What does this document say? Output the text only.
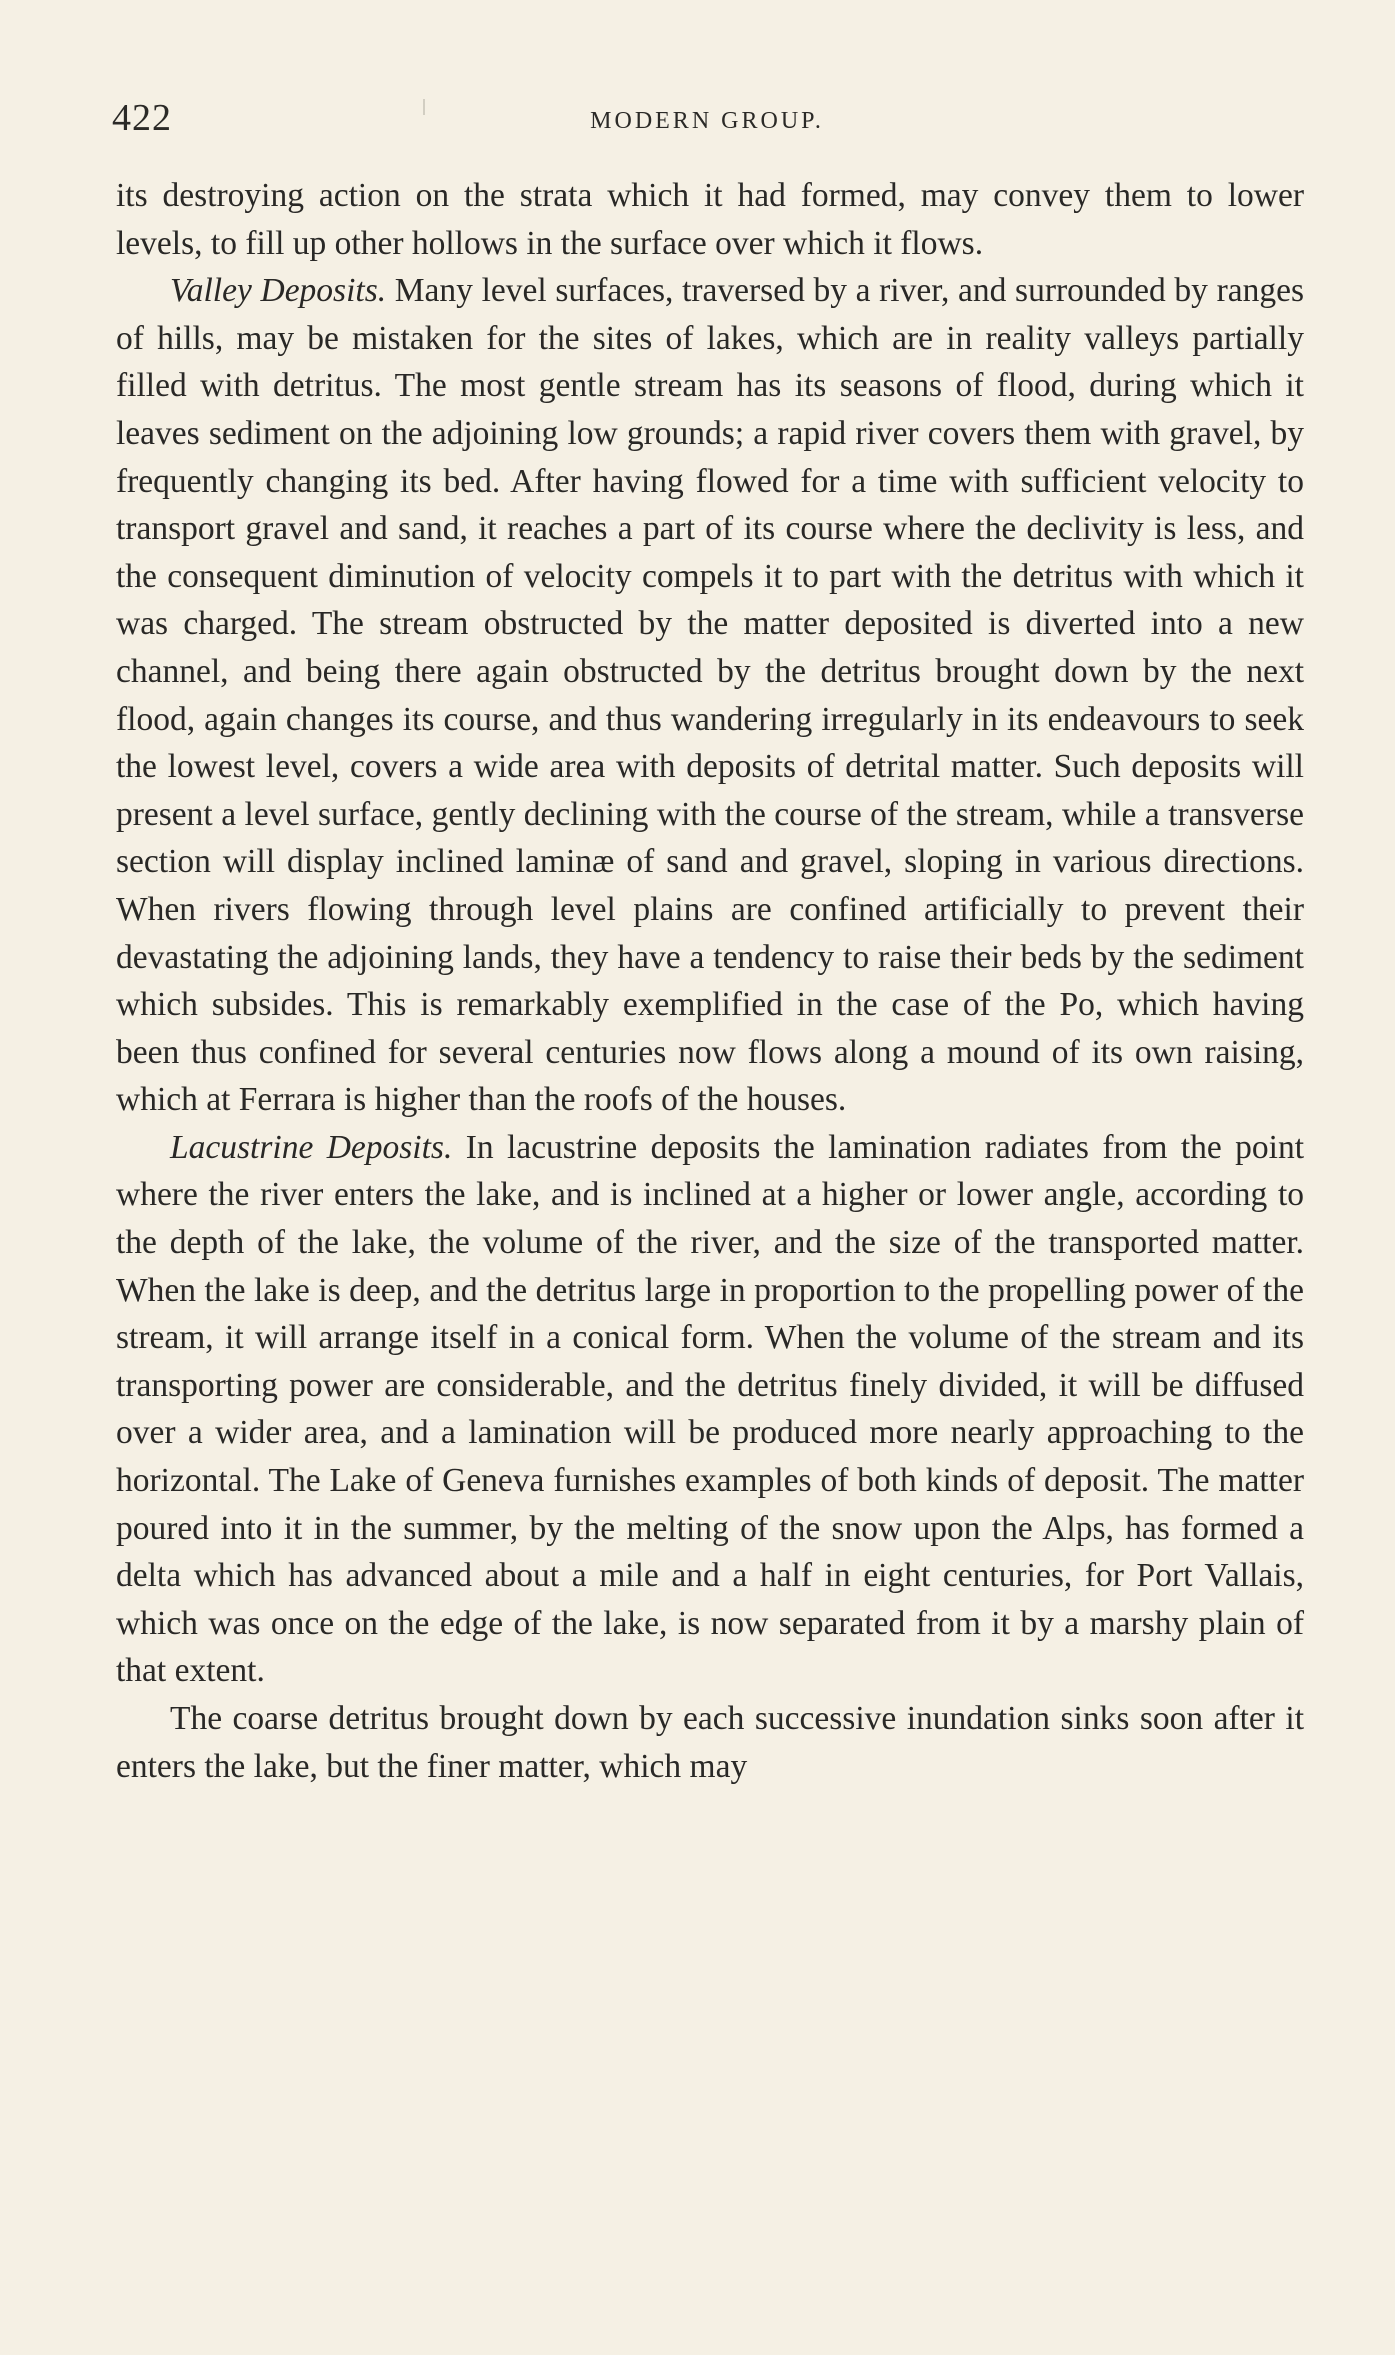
422	MODERN GROUP.

its destroying action on the strata which it had formed, may convey them to lower levels, to fill up other hollows in the surface over which it flows.

Valley Deposits. Many level surfaces, traversed by a river, and surrounded by ranges of hills, may be mistaken for the sites of lakes, which are in reality valleys partially filled with detritus. The most gentle stream has its seasons of flood, during which it leaves sediment on the adjoining low grounds; a rapid river covers them with gravel, by frequently changing its bed. After having flowed for a time with sufficient velocity to transport gravel and sand, it reaches a part of its course where the declivity is less, and the consequent diminution of velocity compels it to part with the detritus with which it was charged. The stream obstructed by the matter deposited is diverted into a new channel, and being there again obstructed by the detritus brought down by the next flood, again changes its course, and thus wandering irregularly in its endeavours to seek the lowest level, covers a wide area with deposits of detrital matter. Such deposits will present a level surface, gently declining with the course of the stream, while a transverse section will display inclined laminæ of sand and gravel, sloping in various directions. When rivers flowing through level plains are confined artificially to prevent their devastating the adjoining lands, they have a tendency to raise their beds by the sediment which subsides. This is remarkably exemplified in the case of the Po, which having been thus confined for several centuries now flows along a mound of its own raising, which at Ferrara is higher than the roofs of the houses.

Lacustrine Deposits. In lacustrine deposits the lamination radiates from the point where the river enters the lake, and is inclined at a higher or lower angle, according to the depth of the lake, the volume of the river, and the size of the transported matter. When the lake is deep, and the detritus large in proportion to the propelling power of the stream, it will arrange itself in a conical form. When the volume of the stream and its transporting power are considerable, and the detritus finely divided, it will be diffused over a wider area, and a lamination will be produced more nearly approaching to the horizontal. The Lake of Geneva furnishes examples of both kinds of deposit. The matter poured into it in the summer, by the melting of the snow upon the Alps, has formed a delta which has advanced about a mile and a half in eight centuries, for Port Vallais, which was once on the edge of the lake, is now separated from it by a marshy plain of that extent.

The coarse detritus brought down by each successive inundation sinks soon after it enters the lake, but the finer matter, which may
